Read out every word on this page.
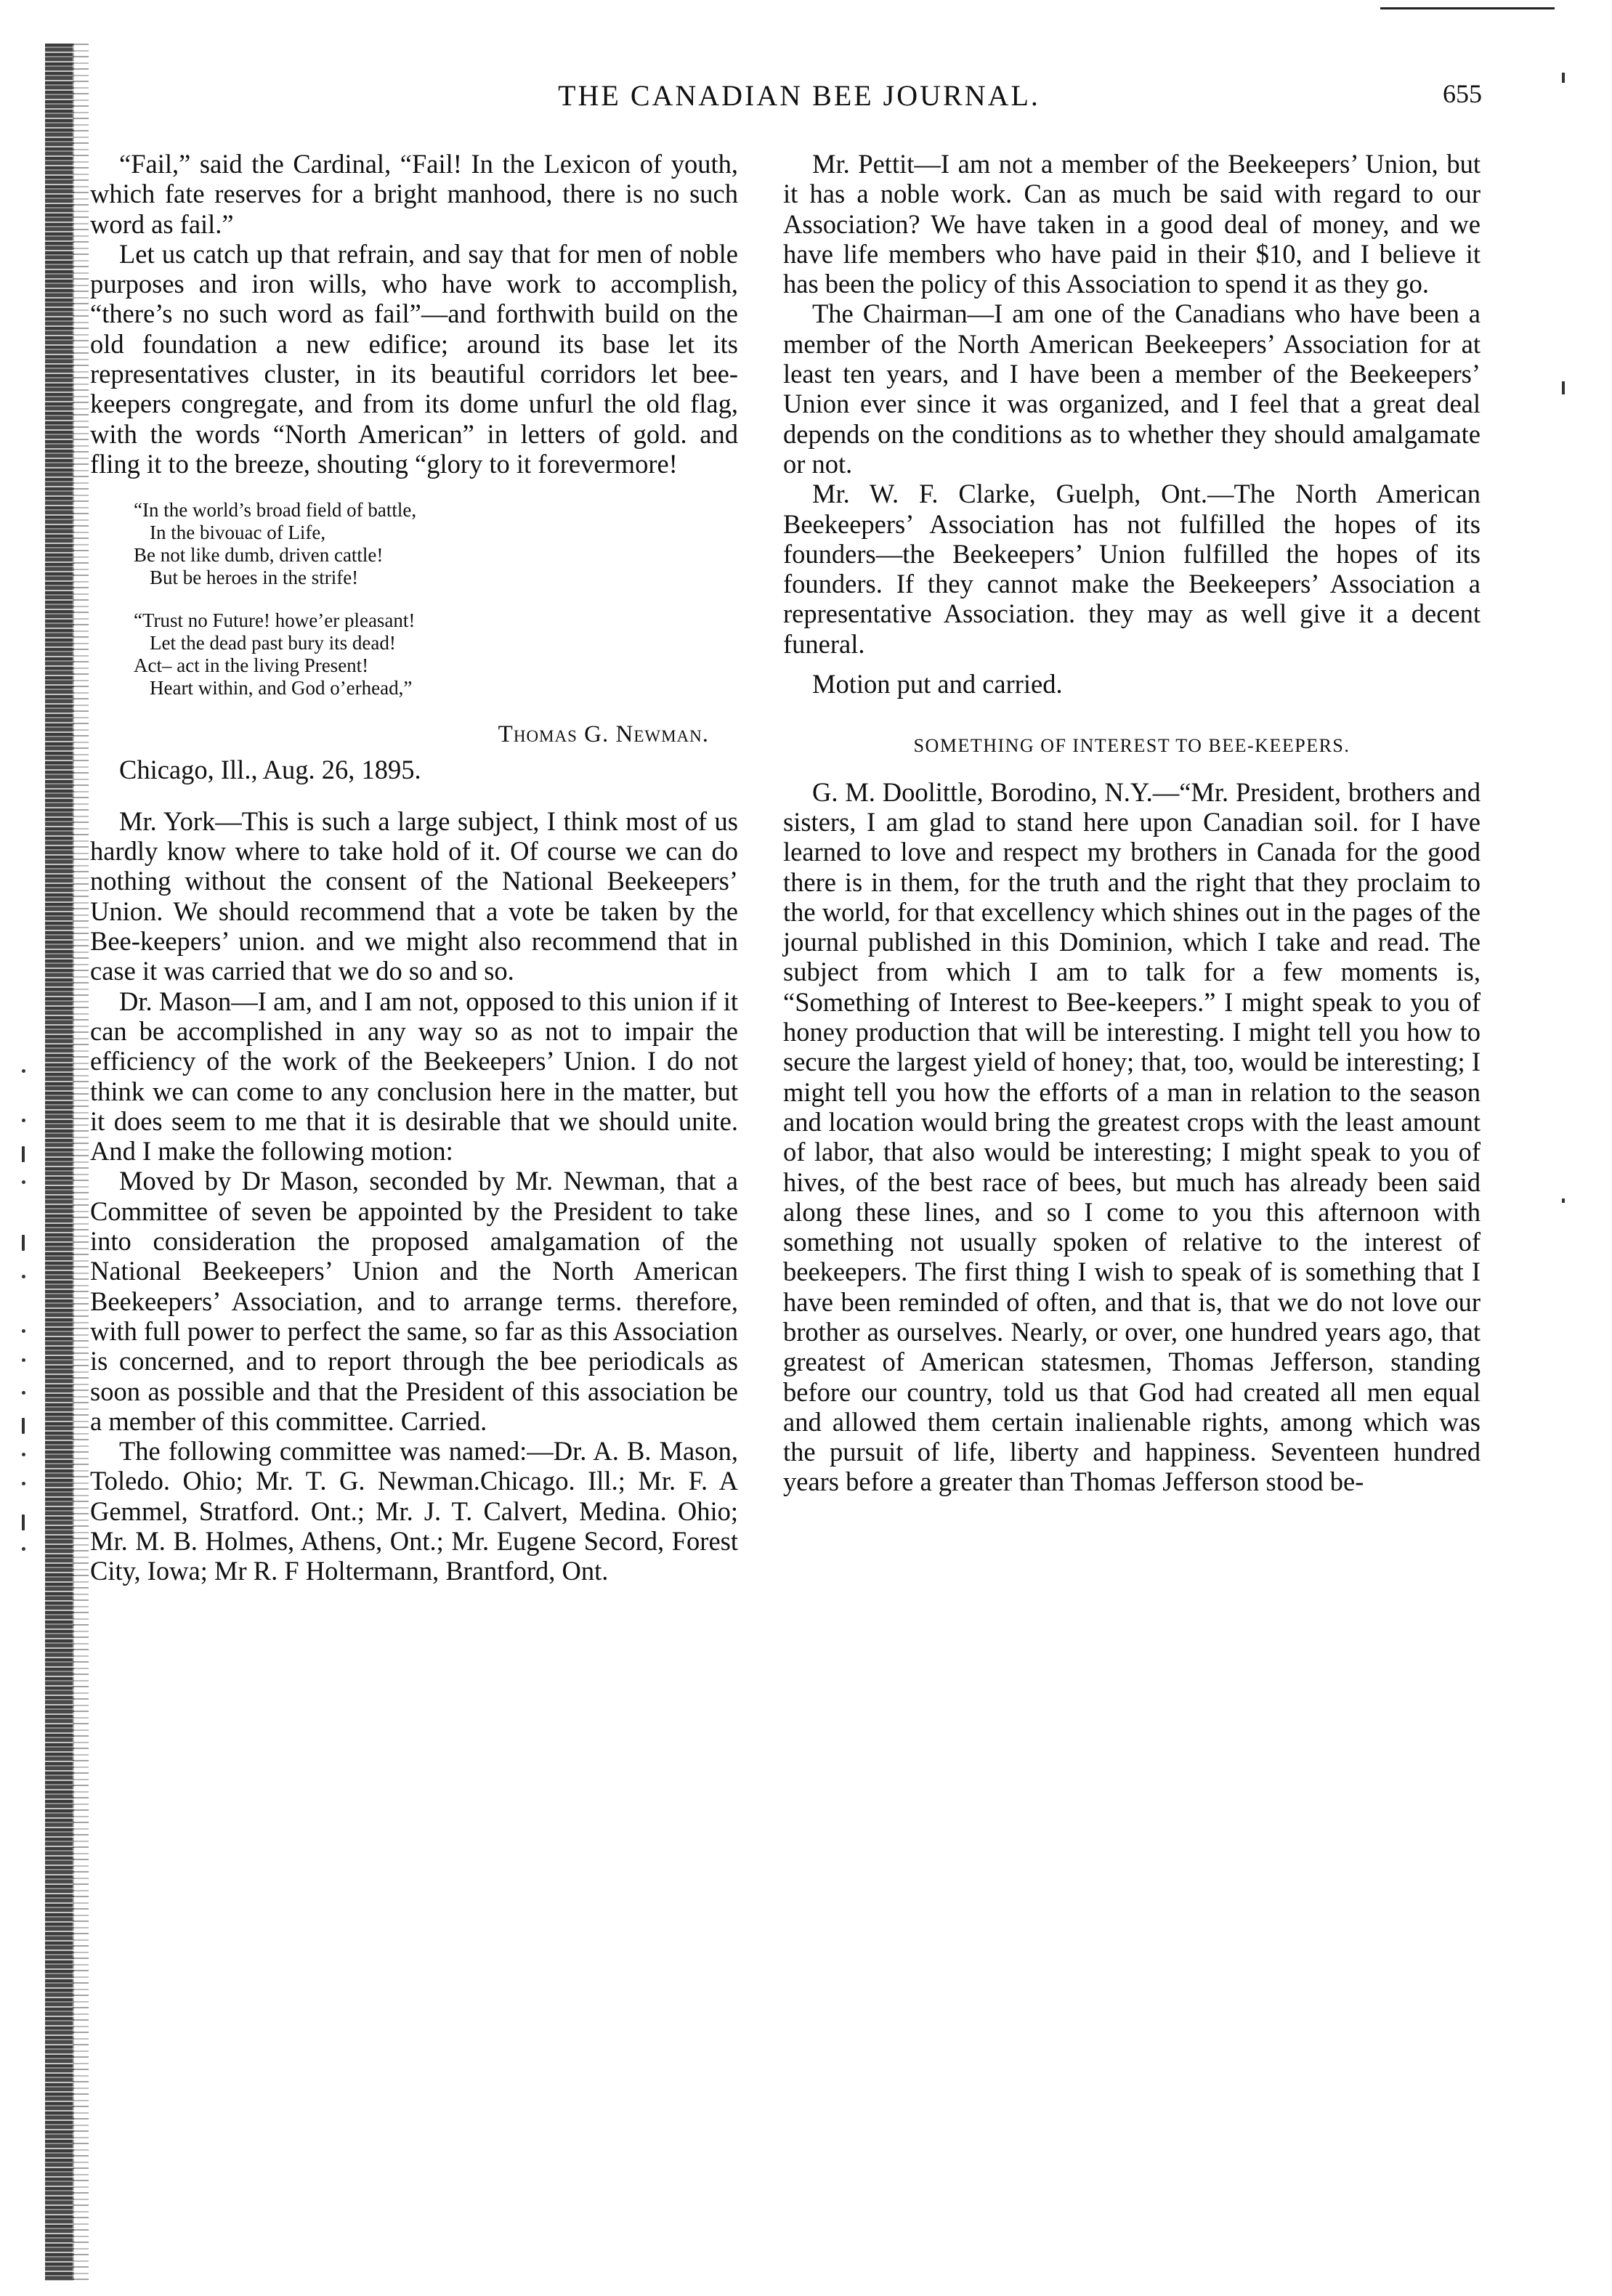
THE CANADIAN BEE JOURNAL.	655

“Fail,” said the Cardinal, “Fail! In the Lexicon of youth, which fate reserves for a bright manhood, there is no such word as fail.”

Let us catch up that refrain, and say that for men of noble purposes and iron wills, who have work to accomplish, “there’s no such word as fail”—and forthwith build on the old foundation a new edifice; around its base let its representatives cluster, in its beautiful corridors let bee-keepers congregate, and from its dome unfurl the old flag, with the words “North American” in letters of gold. and fling it to the breeze, shouting “glory to it forevermore!

“In the world’s broad field of battle,
In the bivouac of Life,
Be not like dumb, driven cattle!
But be heroes in the strife!
“Trust no Future! howe’er pleasant!
Let the dead past bury its dead!
Act– act in the living Present!
Heart within, and God o’erhead,”
Thomas G. Newman.

Chicago, Ill., Aug. 26, 1895.

Mr. York—This is such a large subject, I think most of us hardly know where to take hold of it. Of course we can do nothing without the consent of the National Beekeepers’ Union. We should recommend that a vote be taken by the Bee-keepers’ union. and we might also recommend that in case it was carried that we do so and so.

Dr. Mason—I am, and I am not, opposed to this union if it can be accomplished in any way so as not to impair the efficiency of the work of the Beekeepers’ Union. I do not think we can come to any conclusion here in the matter, but it does seem to me that it is desirable that we should unite. And I make the following motion:

Moved by Dr Mason, seconded by Mr. Newman, that a Committee of seven be appointed by the President to take into consideration the proposed amalgamation of the National Beekeepers’ Union and the North American Beekeepers’ Association, and to arrange terms. therefore, with full power to perfect the same, so far as this Association is concerned, and to report through the bee periodicals as soon as possible and that the President of this association be a member of this committee. Carried.

The following committee was named:—Dr. A. B. Mason, Toledo. Ohio; Mr. T. G. Newman.Chicago. Ill.; Mr. F. A Gemmel, Stratford. Ont.; Mr. J. T. Calvert, Medina. Ohio; Mr. M. B. Holmes, Athens, Ont.; Mr. Eugene Secord, Forest City, Iowa; Mr R. F Holtermann, Brantford, Ont.

Mr. Pettit—I am not a member of the Beekeepers’ Union, but it has a noble work. Can as much be said with regard to our Association? We have taken in a good deal of money, and we have life members who have paid in their $10, and I believe it has been the policy of this Association to spend it as they go.

The Chairman—I am one of the Canadians who have been a member of the North American Beekeepers’ Association for at least ten years, and I have been a member of the Beekeepers’ Union ever since it was organized, and I feel that a great deal depends on the conditions as to whether they should amalgamate or not.

Mr. W. F. Clarke, Guelph, Ont.—The North American Beekeepers’ Association has not fulfilled the hopes of its founders—the Beekeepers’ Union fulfilled the hopes of its founders. If they cannot make the Beekeepers’ Association a representative Association. they may as well give it a decent funeral.

Motion put and carried.

SOMETHING OF INTEREST TO BEE-KEEPERS.

G. M. Doolittle, Borodino, N.Y.—“Mr. President, brothers and sisters, I am glad to stand here upon Canadian soil. for I have learned to love and respect my brothers in Canada for the good there is in them, for the truth and the right that they proclaim to the world, for that excellency which shines out in the pages of the journal published in this Dominion, which I take and read. The subject from which I am to talk for a few moments is, “Something of Interest to Bee-keepers.” I might speak to you of honey production that will be interesting. I might tell you how to secure the largest yield of honey; that, too, would be interesting; I might tell you how the efforts of a man in relation to the season and location would bring the greatest crops with the least amount of labor, that also would be interesting; I might speak to you of hives, of the best race of bees, but much has already been said along these lines, and so I come to you this afternoon with something not usually spoken of relative to the interest of beekeepers. The first thing I wish to speak of is something that I have been reminded of often, and that is, that we do not love our brother as ourselves. Nearly, or over, one hundred years ago, that greatest of American statesmen, Thomas Jefferson, standing before our country, told us that God had created all men equal and allowed them certain inalienable rights, among which was the pursuit of life, liberty and happiness. Seventeen hundred years before a greater than Thomas Jefferson stood be-
